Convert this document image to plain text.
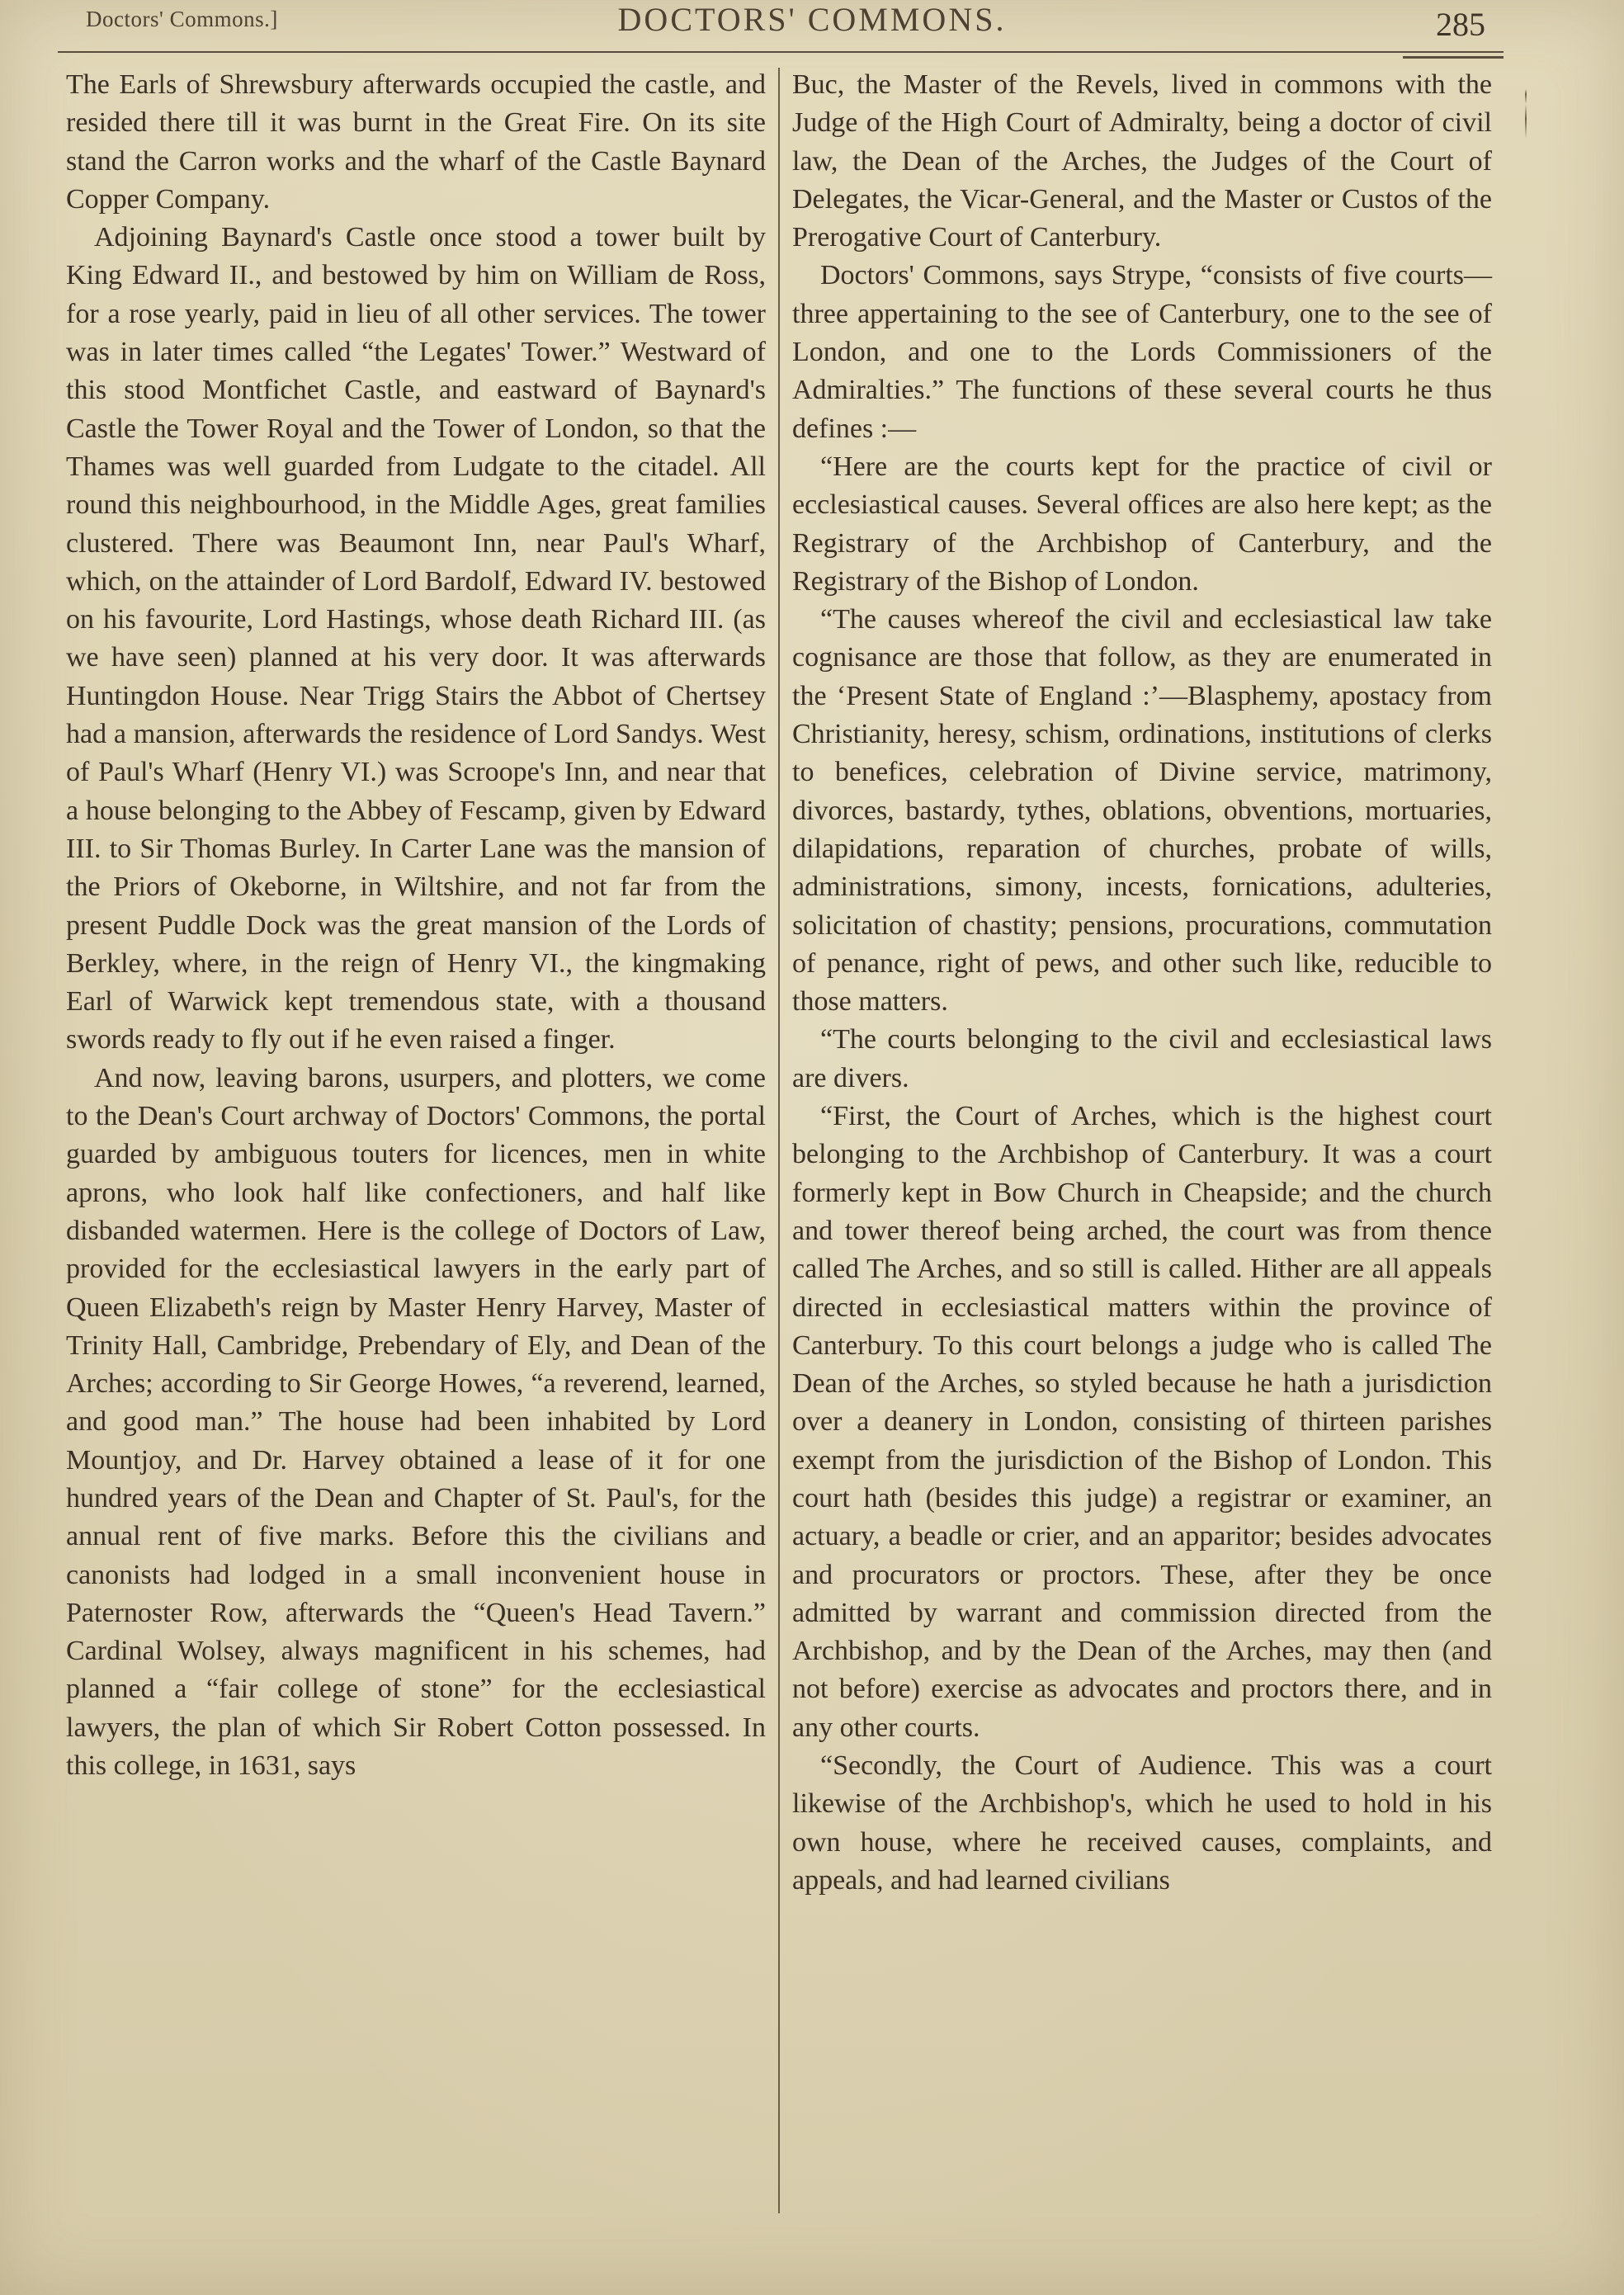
Doctors' Commons.]	DOCTORS' COMMONS.	285

The Earls of Shrewsbury afterwards occupied the castle, and resided there till it was burnt in the Great Fire. On its site stand the Carron works and the wharf of the Castle Baynard Copper Company.

Adjoining Baynard's Castle once stood a tower built by King Edward II., and bestowed by him on William de Ross, for a rose yearly, paid in lieu of all other services. The tower was in later times called “the Legates' Tower.” Westward of this stood Montfichet Castle, and eastward of Baynard's Castle the Tower Royal and the Tower of London, so that the Thames was well guarded from Ludgate to the citadel. All round this neighbourhood, in the Middle Ages, great families clustered. There was Beaumont Inn, near Paul's Wharf, which, on the attainder of Lord Bardolf, Edward IV. bestowed on his favourite, Lord Hastings, whose death Richard III. (as we have seen) planned at his very door. It was afterwards Huntingdon House. Near Trigg Stairs the Abbot of Chertsey had a mansion, afterwards the residence of Lord Sandys. West of Paul's Wharf (Henry VI.) was Scroope's Inn, and near that a house belonging to the Abbey of Fescamp, given by Edward III. to Sir Thomas Burley. In Carter Lane was the mansion of the Priors of Okeborne, in Wiltshire, and not far from the present Puddle Dock was the great mansion of the Lords of Berkley, where, in the reign of Henry VI., the kingmaking Earl of Warwick kept tremendous state, with a thousand swords ready to fly out if he even raised a finger.

And now, leaving barons, usurpers, and plotters, we come to the Dean's Court archway of Doctors' Commons, the portal guarded by ambiguous touters for licences, men in white aprons, who look half like confectioners, and half like disbanded watermen. Here is the college of Doctors of Law, provided for the ecclesiastical lawyers in the early part of Queen Elizabeth's reign by Master Henry Harvey, Master of Trinity Hall, Cambridge, Prebendary of Ely, and Dean of the Arches; according to Sir George Howes, “a reverend, learned, and good man.” The house had been inhabited by Lord Mountjoy, and Dr. Harvey obtained a lease of it for one hundred years of the Dean and Chapter of St. Paul's, for the annual rent of five marks. Before this the civilians and canonists had lodged in a small inconvenient house in Paternoster Row, afterwards the “Queen's Head Tavern.” Cardinal Wolsey, always magnificent in his schemes, had planned a “fair college of stone” for the ecclesiastical lawyers, the plan of which Sir Robert Cotton possessed. In this college, in 1631, says

Buc, the Master of the Revels, lived in commons with the Judge of the High Court of Admiralty, being a doctor of civil law, the Dean of the Arches, the Judges of the Court of Delegates, the Vicar-General, and the Master or Custos of the Prerogative Court of Canterbury.

Doctors' Commons, says Strype, “consists of five courts—three appertaining to the see of Canterbury, one to the see of London, and one to the Lords Commissioners of the Admiralties.” The functions of these several courts he thus defines :—

“Here are the courts kept for the practice of civil or ecclesiastical causes. Several offices are also here kept; as the Registrary of the Archbishop of Canterbury, and the Registrary of the Bishop of London.

“The causes whereof the civil and ecclesiastical law take cognisance are those that follow, as they are enumerated in the ‘Present State of England :’—Blasphemy, apostacy from Christianity, heresy, schism, ordinations, institutions of clerks to benefices, celebration of Divine service, matrimony, divorces, bastardy, tythes, oblations, obventions, mortuaries, dilapidations, reparation of churches, probate of wills, administrations, simony, incests, fornications, adulteries, solicitation of chastity; pensions, procurations, commutation of penance, right of pews, and other such like, reducible to those matters.

“The courts belonging to the civil and ecclesiastical laws are divers.

“First, the Court of Arches, which is the highest court belonging to the Archbishop of Canterbury. It was a court formerly kept in Bow Church in Cheapside; and the church and tower thereof being arched, the court was from thence called The Arches, and so still is called. Hither are all appeals directed in ecclesiastical matters within the province of Canterbury. To this court belongs a judge who is called The Dean of the Arches, so styled because he hath a jurisdiction over a deanery in London, consisting of thirteen parishes exempt from the jurisdiction of the Bishop of London. This court hath (besides this judge) a registrar or examiner, an actuary, a beadle or crier, and an apparitor; besides advocates and procurators or proctors. These, after they be once admitted by warrant and commission directed from the Archbishop, and by the Dean of the Arches, may then (and not before) exercise as advocates and proctors there, and in any other courts.

“Secondly, the Court of Audience. This was a court likewise of the Archbishop's, which he used to hold in his own house, where he received causes, complaints, and appeals, and had learned civilians
